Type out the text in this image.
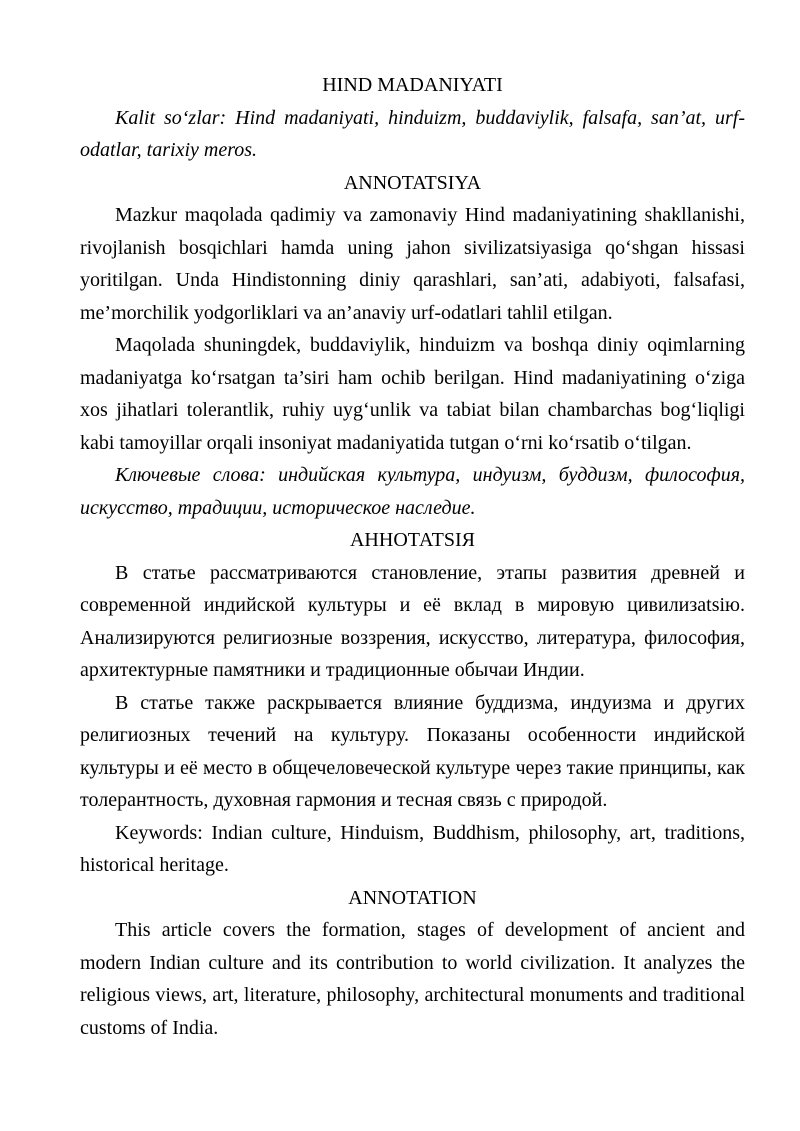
HIND MADANIYATI

Kalit so‘zlar: Hind madaniyati, hinduizm, buddaviylik, falsafa, san’at, urf-odatlar, tarixiy meros.

ANNOTATSIYA

Mazkur maqolada qadimiy va zamonaviy Hind madaniyatining shakllanishi, rivojlanish bosqichlari hamda uning jahon sivilizatsiyasiga qo‘shgan hissasi yoritilgan. Unda Hindistonning diniy qarashlari, san’ati, adabiyoti, falsafasi, me’morchilik yodgorliklari va an’anaviy urf-odatlari tahlil etilgan.

Maqolada shuningdek, buddaviylik, hinduizm va boshqa diniy oqimlarning madaniyatga ko‘rsatgan ta’siri ham ochib berilgan. Hind madaniyatining o‘ziga xos jihatlari tolerantlik, ruhiy uyg‘unlik va tabiat bilan chambarchas bog‘liqligi kabi tamoyillar orqali insoniyat madaniyatida tutgan o‘rni ko‘rsatib o‘tilgan.

Ключевые слова: индийская культура, индуизм, буддизм, философия, искусство, традиции, историческое наследие.

АННОТАТSIЯ

В статье рассматриваются становление, этапы развития древней и современной индийской культуры и её вклад в мировую цивилизatsiю. Анализируются религиозные воззрения, искусство, литература, философия, архитектурные памятники и традиционные обычаи Индии.

В статье также раскрывается влияние буддизма, индуизма и других религиозных течений на культуру. Показаны особенности индийской культуры и её место в общечеловеческой культуре через такие принципы, как толерантность, духовная гармония и тесная связь с природой.

Keywords: Indian culture, Hinduism, Buddhism, philosophy, art, traditions, historical heritage.

ANNOTATION

This article covers the formation, stages of development of ancient and modern Indian culture and its contribution to world civilization. It analyzes the religious views, art, literature, philosophy, architectural monuments and traditional customs of India.
